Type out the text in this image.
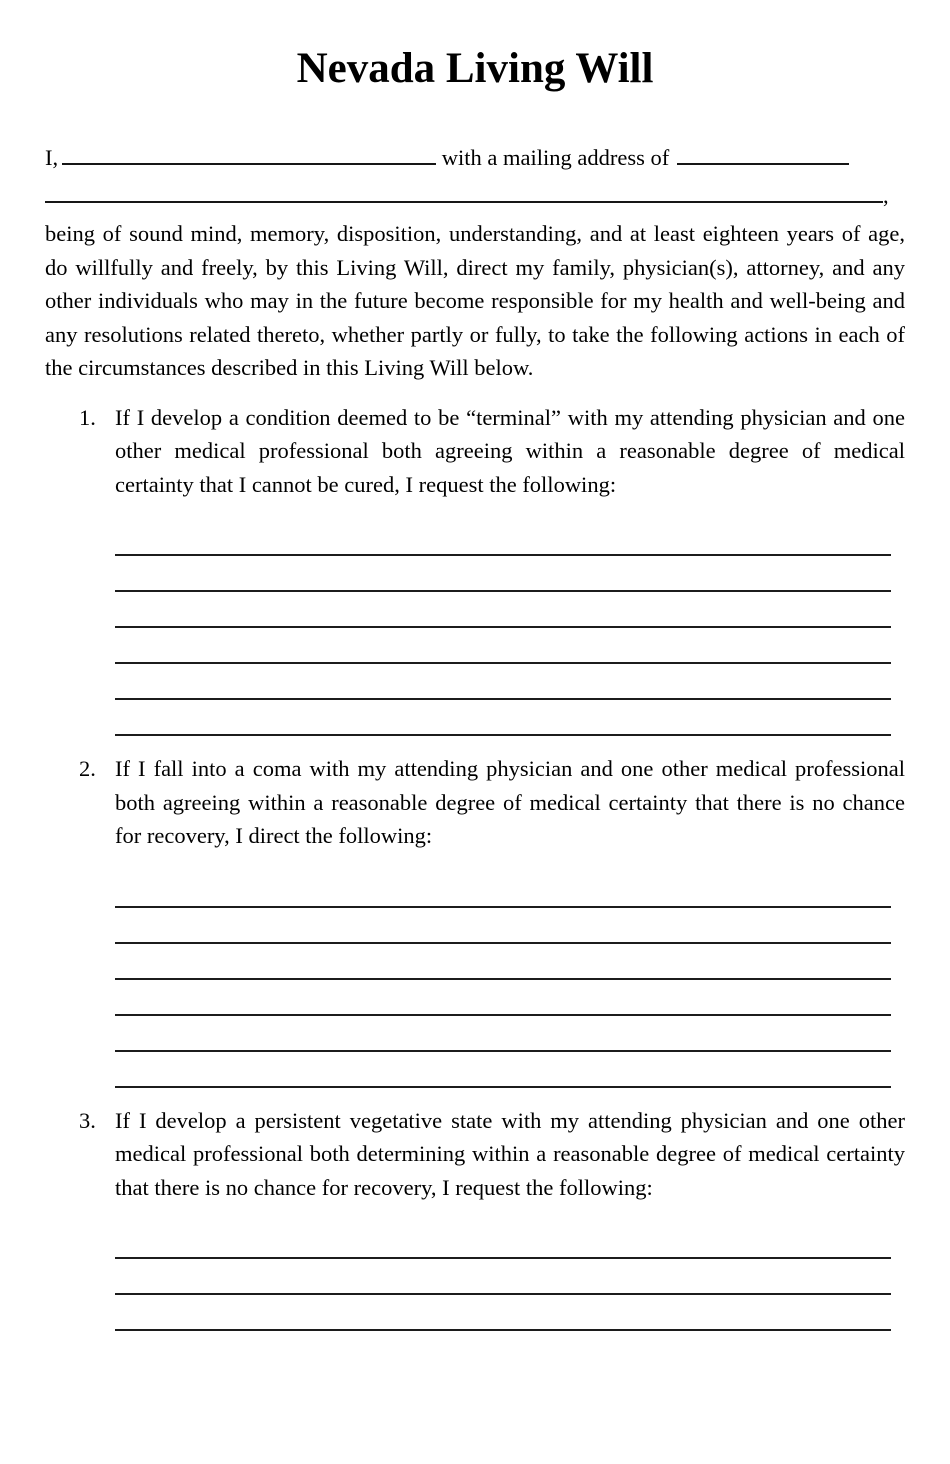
Nevada Living Will
I,	with a mailing address of
,

being of sound mind, memory, disposition, understanding, and at least eighteen years of age, do willfully and freely, by this Living Will, direct my family, physician(s), attorney, and any other individuals who may in the future become responsible for my health and well-being and any resolutions related thereto, whether partly or fully, to take the following actions in each of the circumstances described in this Living Will below.

1. If I develop a condition deemed to be “terminal” with my attending physician and one other medical professional both agreeing within a reasonable degree of medical certainty that I cannot be cured, I request the following:

2. If I fall into a coma with my attending physician and one other medical professional both agreeing within a reasonable degree of medical certainty that there is no chance for recovery, I direct the following:

3. If I develop a persistent vegetative state with my attending physician and one other medical professional both determining within a reasonable degree of medical certainty that there is no chance for recovery, I request the following:
